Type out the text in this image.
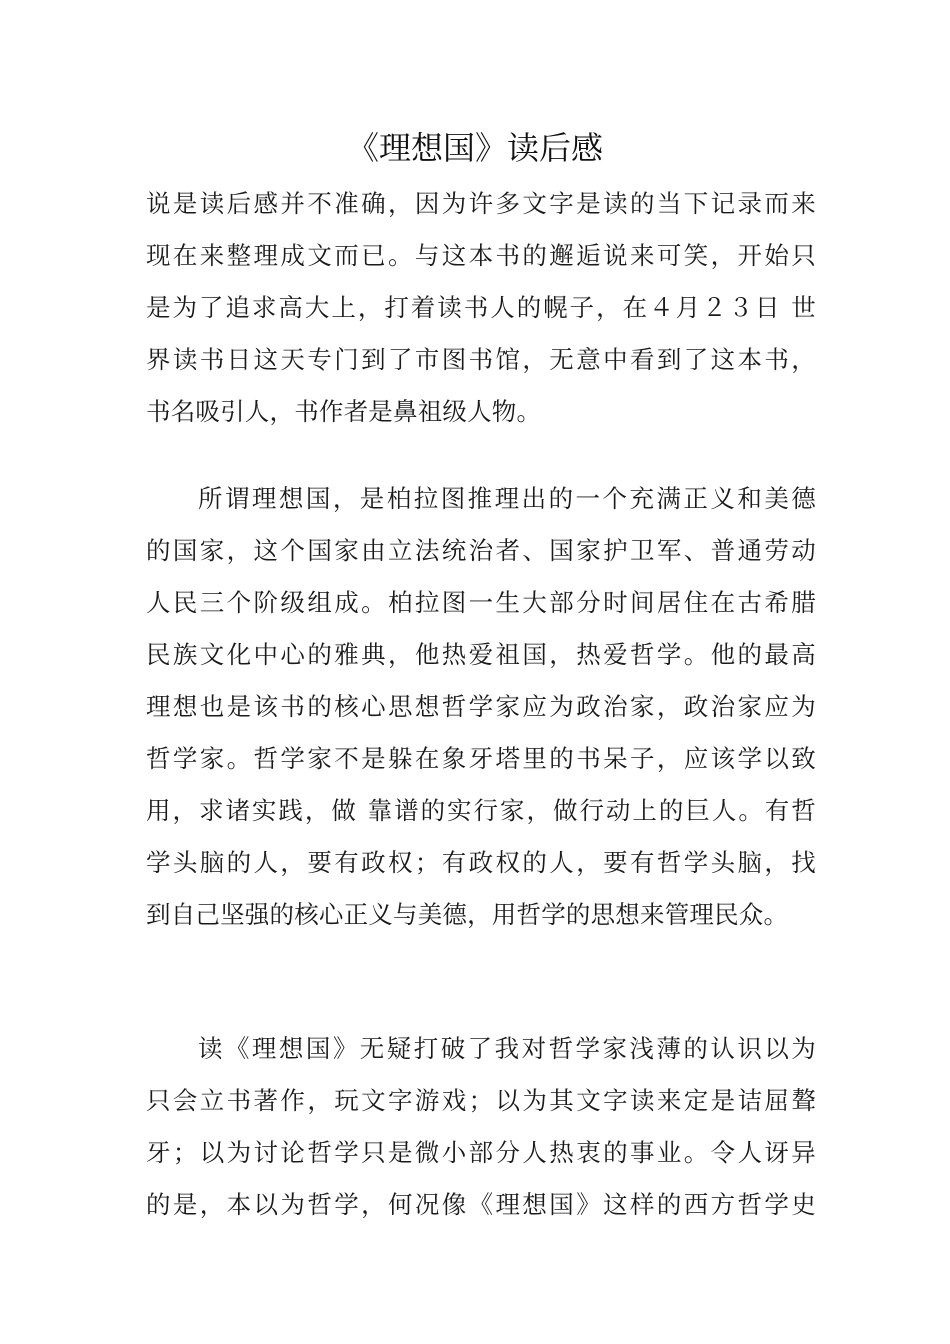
《理想国》读后感
说是读后感并不准确，因为许多文字是读的当下记录而来
现在来整理成文而已。与这本书的邂逅说来可笑，开始只
是为了追求高大上，打着读书人的幌子，在４月２３日 世
界读书日这天专门到了市图书馆，无意中看到了这本书，
书名吸引人，书作者是鼻祖级人物。
所谓理想国，是柏拉图推理出的一个充满正义和美德
的国家，这个国家由立法统治者、国家护卫军、普通劳动
人民三个阶级组成。柏拉图一生大部分时间居住在古希腊
民族文化中心的雅典，他热爱祖国，热爱哲学。他的最高
理想也是该书的核心思想哲学家应为政治家，政治家应为
哲学家。哲学家不是躲在象牙塔里的书呆子，应该学以致
用，求诸实践，做 靠谱的实行家，做行动上的巨人。有哲
学头脑的人，要有政权；有政权的人，要有哲学头脑，找
到自己坚强的核心正义与美德，用哲学的思想来管理民众。
读《理想国》无疑打破了我对哲学家浅薄的认识以为
只会立书著作，玩文字游戏；以为其文字读来定是诘屈聱
牙；以为讨论哲学只是微小部分人热衷的事业。令人讶异
的是，本以为哲学，何况像《理想国》这样的西方哲学史
